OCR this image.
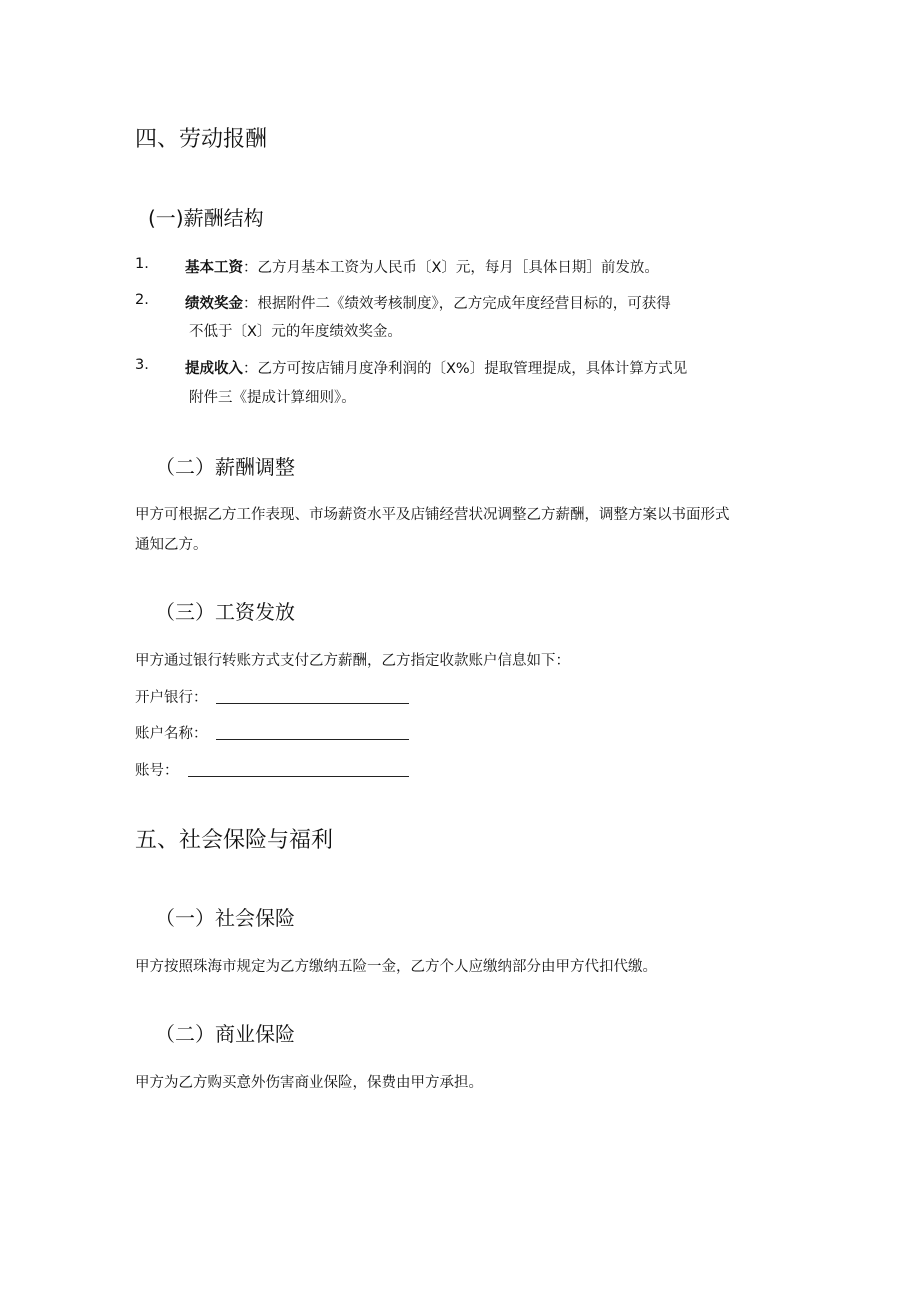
四、劳动报酬
(一)薪酬结构
1. 基本工资：乙方月基本工资为人民币〔X〕元，每月［具体日期］前发放。
2. 绩效奖金：根据附件二《绩效考核制度》，乙方完成年度经营目标的，可获得
不低于〔X〕元的年度绩效奖金。
3. 提成收入：乙方可按店铺月度净利润的〔X%〕提取管理提成，具体计算方式见
附件三《提成计算细则》。
（二）薪酬调整
甲方可根据乙方工作表现、市场薪资水平及店铺经营状况调整乙方薪酬，调整方案以书面形式
通知乙方。
（三）工资发放
甲方通过银行转账方式支付乙方薪酬，乙方指定收款账户信息如下：
开户银行：
账户名称：
账号：
五、社会保险与福利
（一）社会保险
甲方按照珠海市规定为乙方缴纳五险一金，乙方个人应缴纳部分由甲方代扣代缴。
（二）商业保险
甲方为乙方购买意外伤害商业保险，保费由甲方承担。
